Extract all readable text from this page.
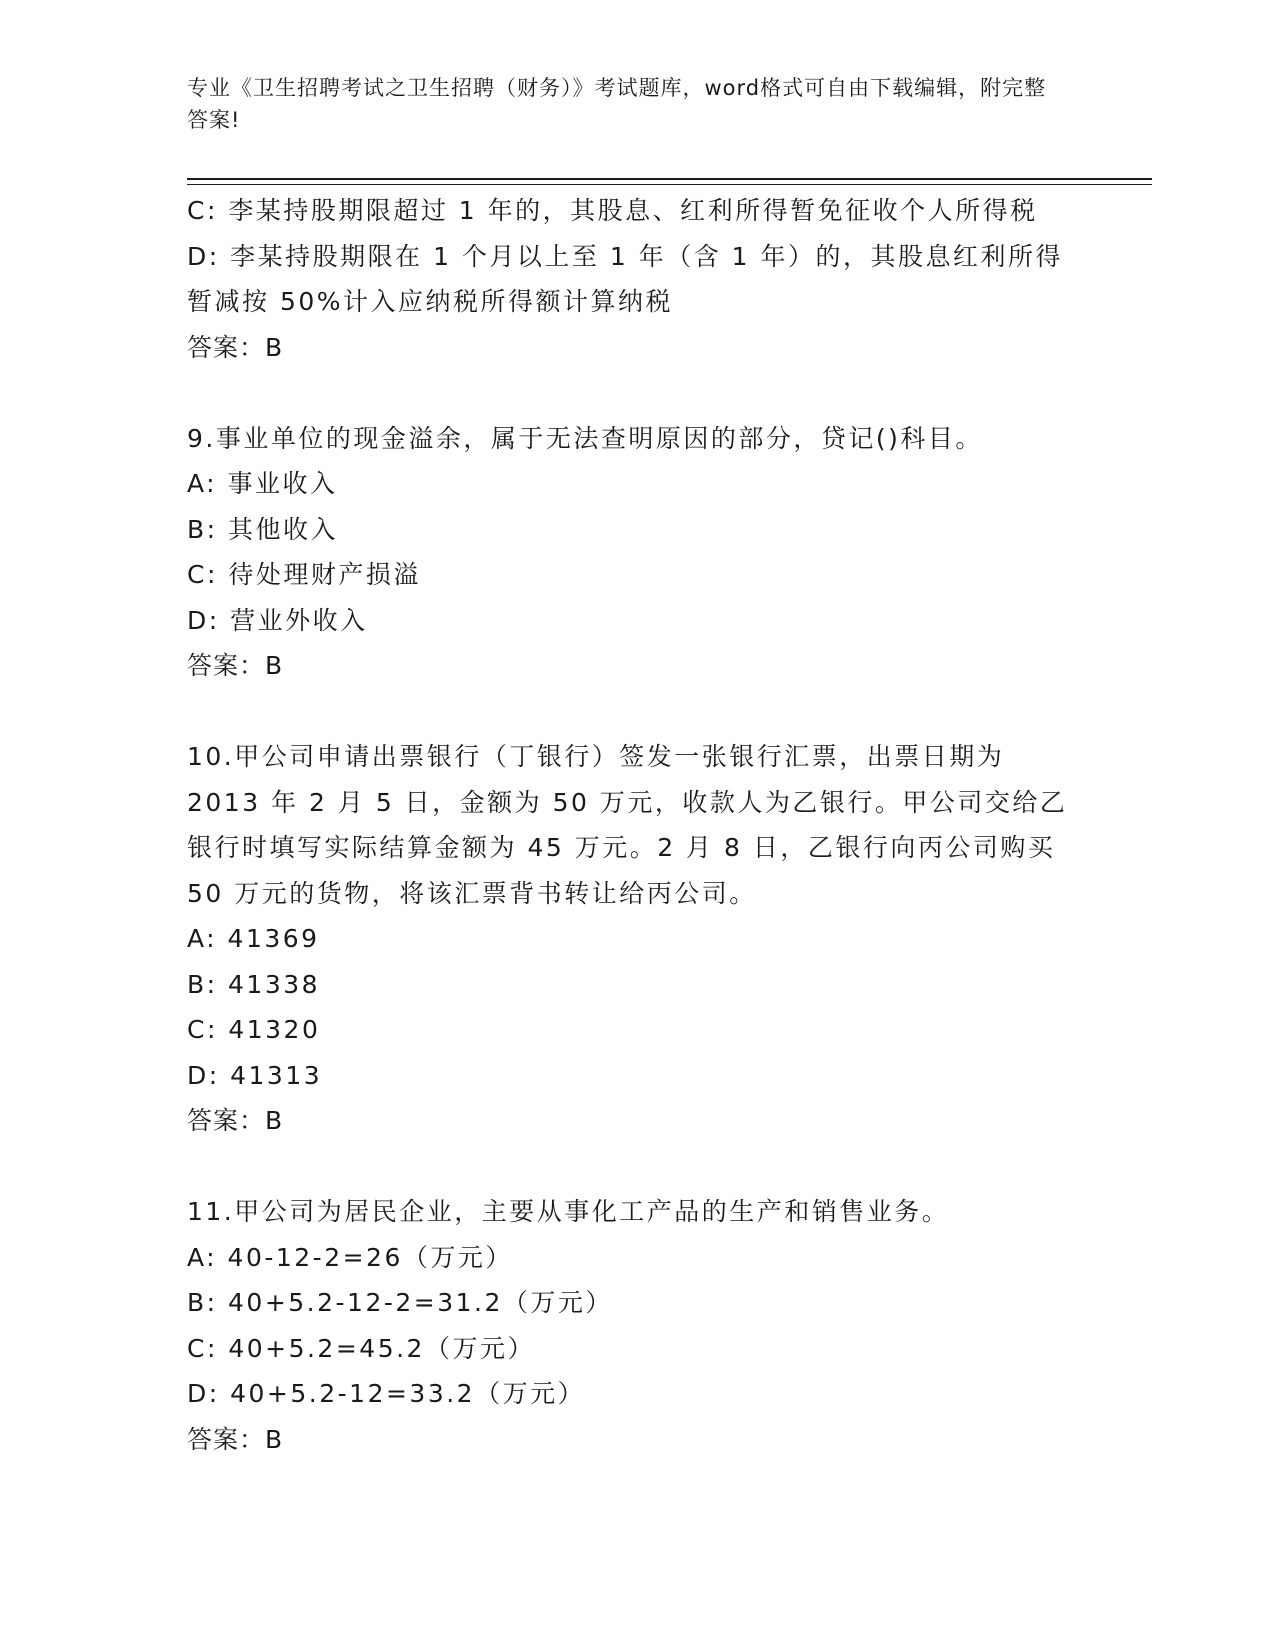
专业《卫生招聘考试之卫生招聘（财务）》考试题库，word格式可自由下载编辑，附完整答案!

C: 李某持股期限超过 1 年的，其股息、红利所得暂免征收个人所得税

D: 李某持股期限在 1 个月以上至 1 年（含 1 年）的，其股息红利所得暂减按 50%计入应纳税所得额计算纳税

答案：B

9.事业单位的现金溢余，属于无法查明原因的部分，贷记()科目。

A: 事业收入

B: 其他收入

C: 待处理财产损溢

D: 营业外收入

答案：B

10.甲公司申请出票银行（丁银行）签发一张银行汇票，出票日期为 2013 年 2 月 5 日，金额为 50 万元，收款人为乙银行。甲公司交给乙银行时填写实际结算金额为 45 万元。2 月 8 日，乙银行向丙公司购买 50 万元的货物，将该汇票背书转让给丙公司。

A: 41369

B: 41338

C: 41320

D: 41313

答案：B

11.甲公司为居民企业，主要从事化工产品的生产和销售业务。

A: 40-12-2=26（万元）

B: 40+5.2-12-2=31.2（万元）

C: 40+5.2=45.2（万元）

D: 40+5.2-12=33.2（万元）

答案：B
